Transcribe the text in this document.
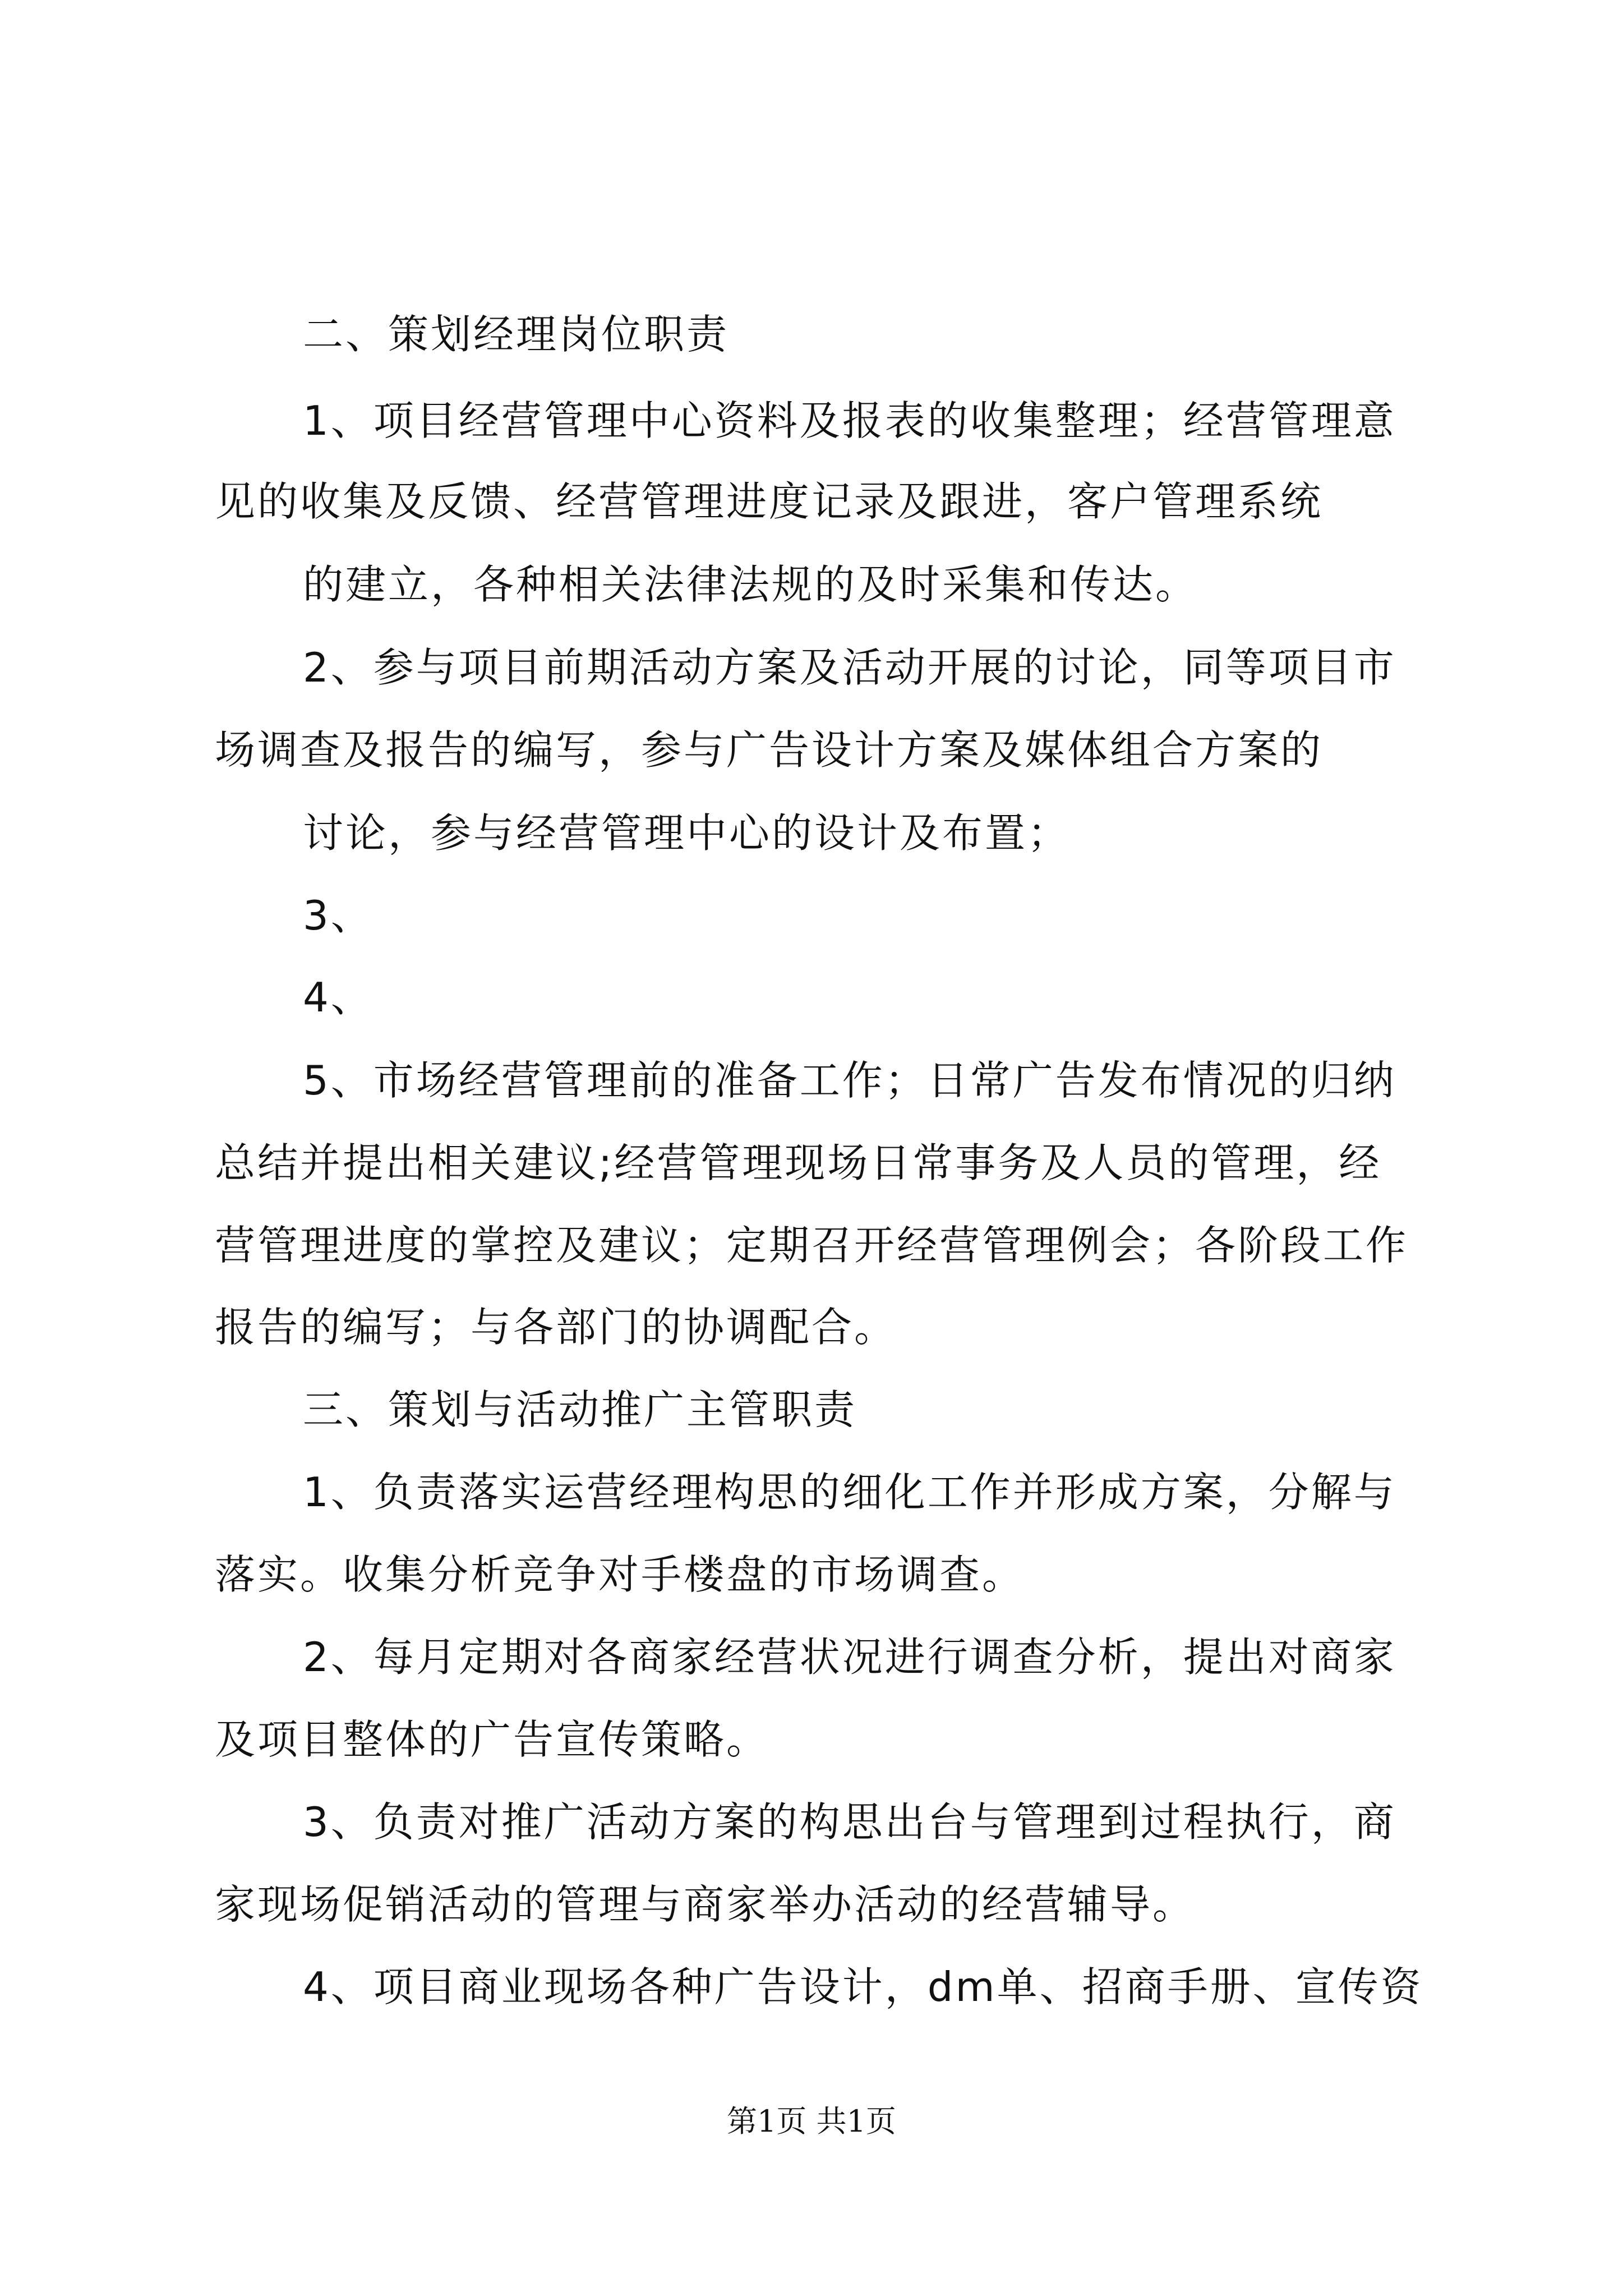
二、策划经理岗位职责

1、项目经营管理中心资料及报表的收集整理；经营管理意

见的收集及反馈、经营管理进度记录及跟进，客户管理系统

的建立，各种相关法律法规的及时采集和传达。

2、参与项目前期活动方案及活动开展的讨论，同等项目市

场调查及报告的编写，参与广告设计方案及媒体组合方案的

讨论，参与经营管理中心的设计及布置；

3、

4、

5、市场经营管理前的准备工作；日常广告发布情况的归纳

总结并提出相关建议;经营管理现场日常事务及人员的管理，经

营管理进度的掌控及建议；定期召开经营管理例会；各阶段工作

报告的编写；与各部门的协调配合。

三、策划与活动推广主管职责

1、负责落实运营经理构思的细化工作并形成方案，分解与

落实。收集分析竞争对手楼盘的市场调查。

2、每月定期对各商家经营状况进行调查分析，提出对商家

及项目整体的广告宣传策略。

3、负责对推广活动方案的构思出台与管理到过程执行，商

家现场促销活动的管理与商家举办活动的经营辅导。

4、项目商业现场各种广告设计，dm单、招商手册、宣传资

第1页 共1页
